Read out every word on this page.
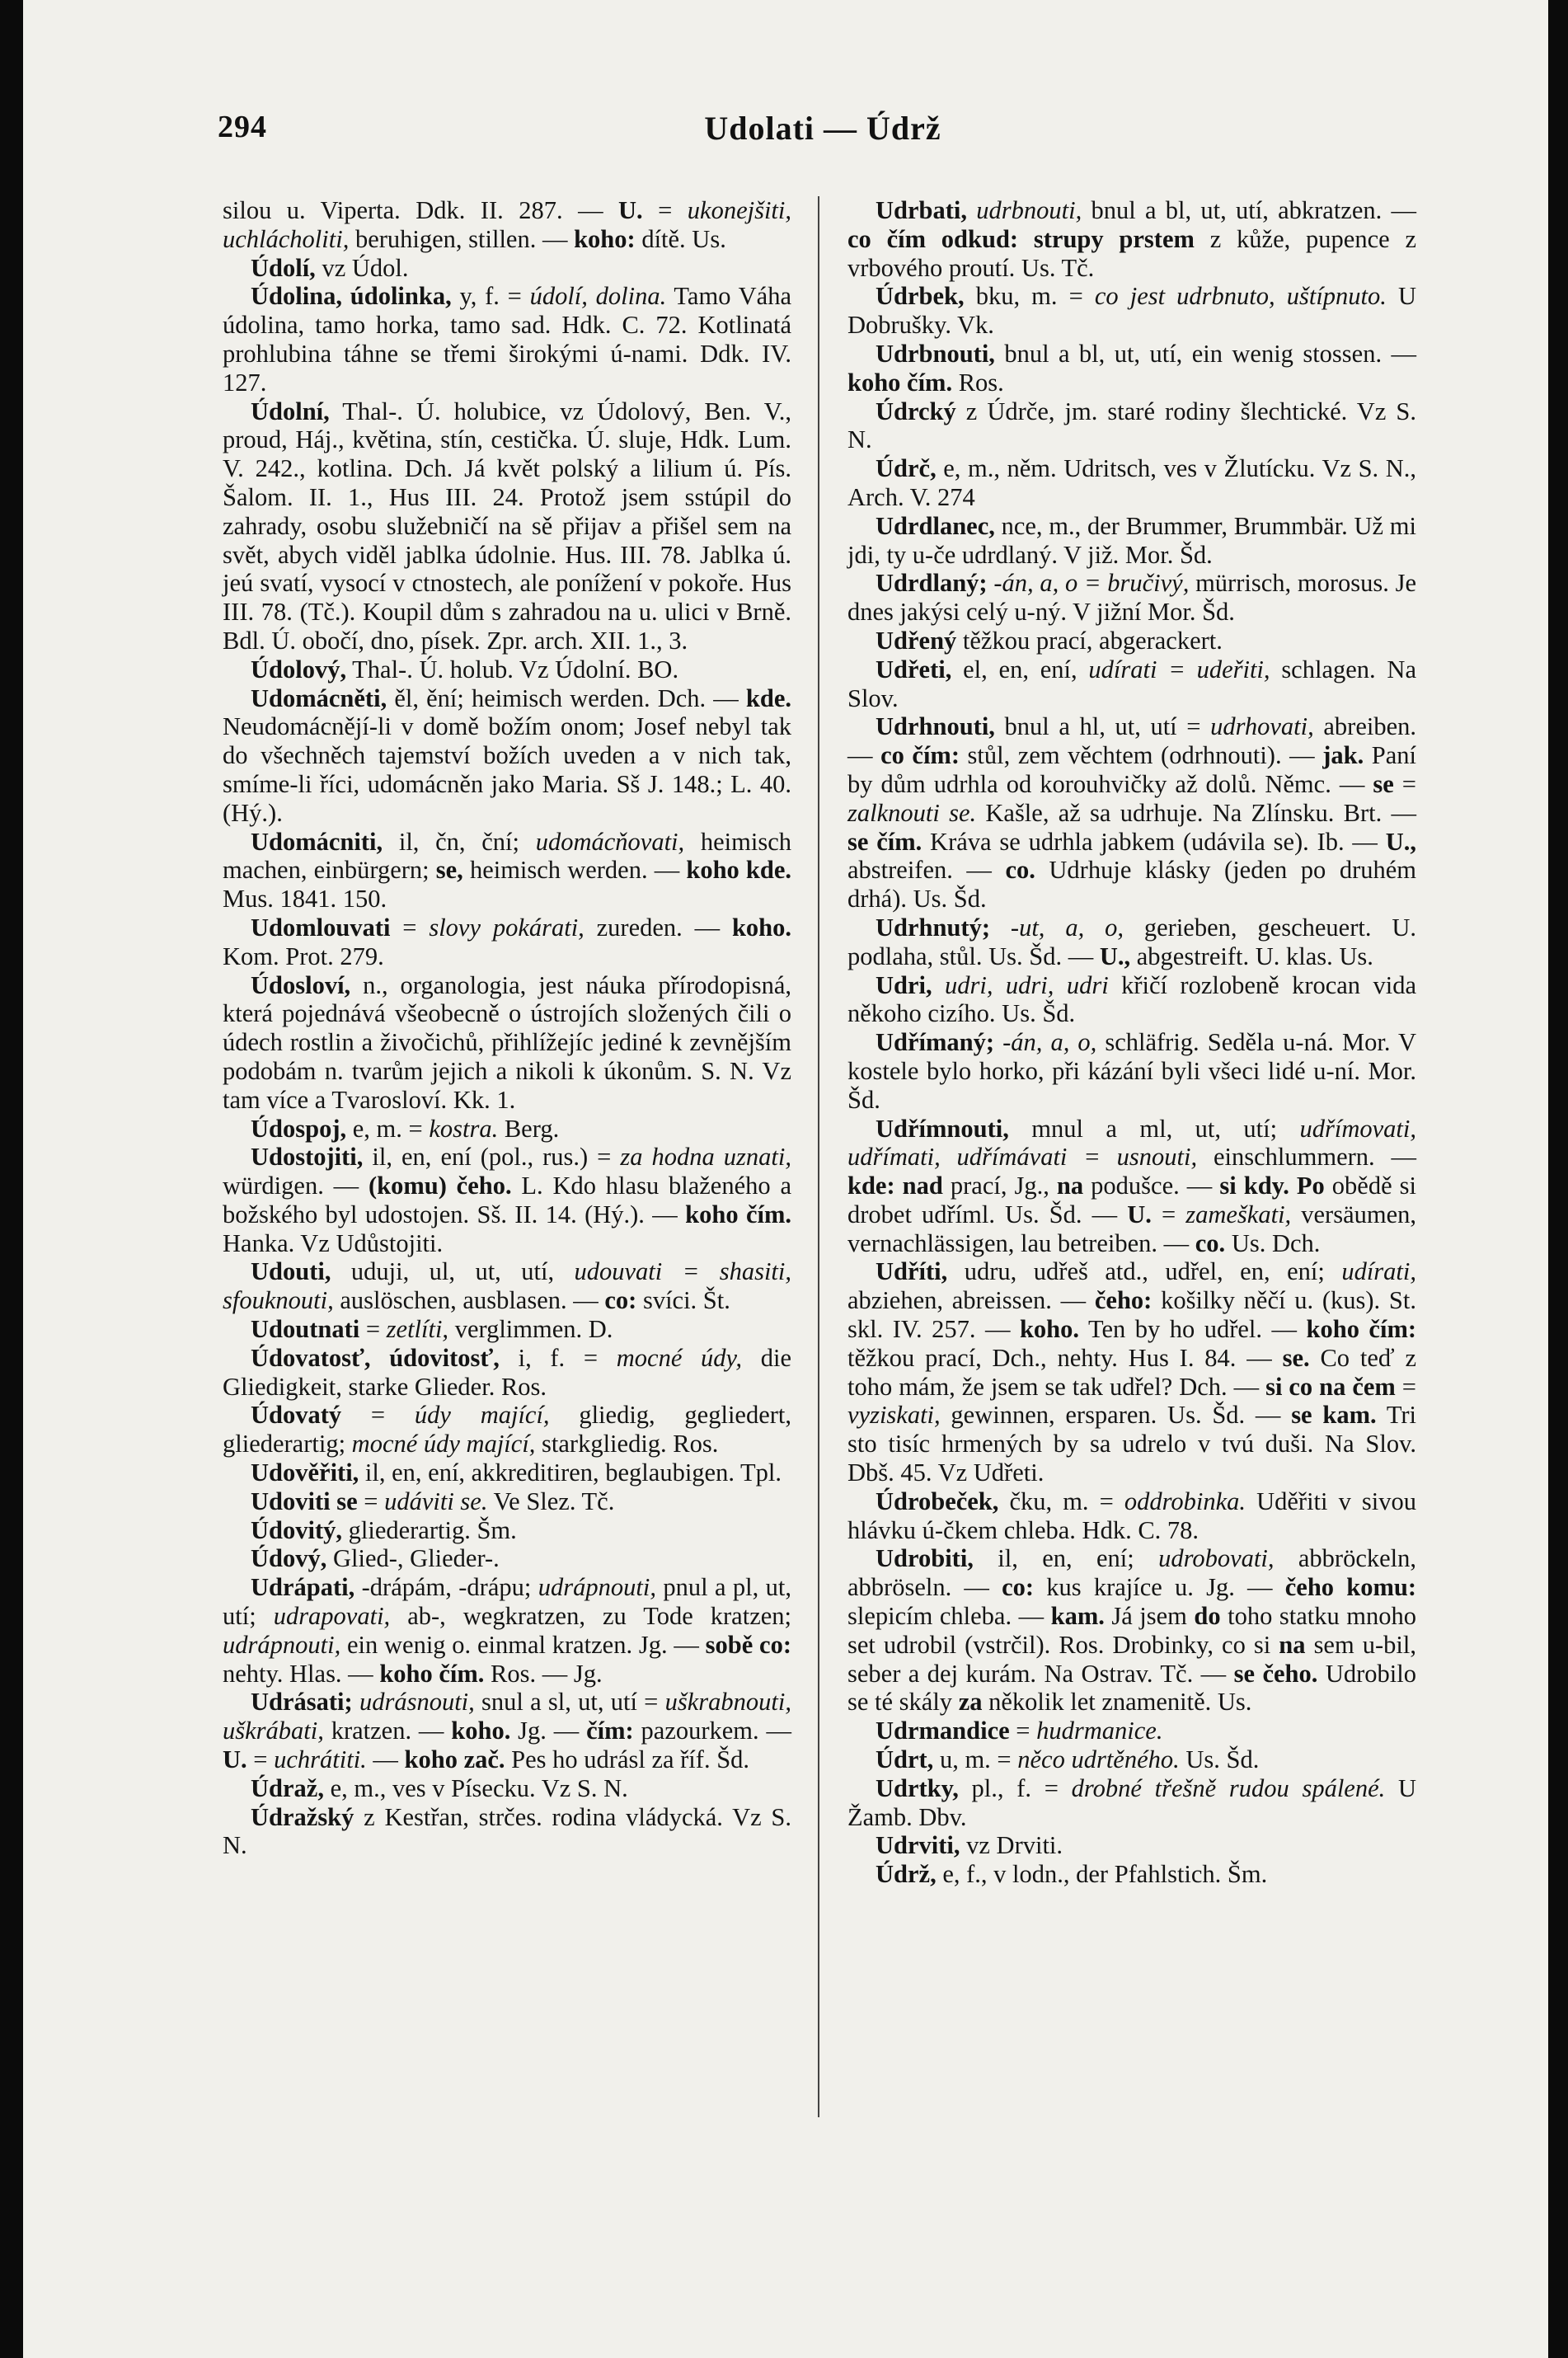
294	Udolati — Údrž

silou u. Viperta. Ddk. II. 287. — U. = ukonejšiti, uchlácholiti, beruhigen, stillen. — koho: dítě. Us.

Údolí, vz Údol.

Údolina, údolinka, y, f. = údolí, dolina. Tamo Váha údolina, tamo horka, tamo sad. Hdk. C. 72. Kotlinatá prohlubina táhne se třemi širokými ú-nami. Ddk. IV. 127.

Údolní, Thal-. Ú. holubice, vz Údolový, Ben. V., proud, Háj., květina, stín, cestička. Ú. sluje, Hdk. Lum. V. 242., kotlina. Dch. Já květ polský a lilium ú. Pís. Šalom. II. 1., Hus III. 24. Protož jsem sstúpil do zahrady, osobu služebničí na sě přijav a přišel sem na svět, abych viděl jablka údolnie. Hus. III. 78. Jablka ú. jeú svatí, vysocí v ctnostech, ale ponížení v pokoře. Hus III. 78. (Tč.). Koupil dům s zahradou na u. ulici v Brně. Bdl. Ú. obočí, dno, písek. Zpr. arch. XII. 1., 3.

Údolový, Thal-. Ú. holub. Vz Údolní. BO.

Udomácněti, ěl, ění; heimisch werden. Dch. — kde. Neudomácnějí-li v domě božím onom; Josef nebyl tak do všechněch tajemství božích uveden a v nich tak, smíme-li říci, udomácněn jako Maria. Sš J. 148.; L. 40. (Hý.).

Udomácniti, il, čn, ční; udomácňovati, heimisch machen, einbürgern; se, heimisch werden. — koho kde. Mus. 1841. 150.

Udomlouvati = slovy pokárati, zureden. — koho. Kom. Prot. 279.

Údosloví, n., organologia, jest náuka přírodopisná, která pojednává všeobecně o ústrojích složených čili o údech rostlin a živočichů, přihlížejíc jediné k zevnějším podobám n. tvarům jejich a nikoli k úkonům. S. N. Vz tam více a Tvarosloví. Kk. 1.

Údospoj, e, m. = kostra. Berg.

Udostojiti, il, en, ení (pol., rus.) = za hodna uznati, würdigen. — (komu) čeho. L. Kdo hlasu blaženého a božského byl udostojen. Sš. II. 14. (Hý.). — koho čím. Hanka. Vz Udůstojiti.

Udouti, uduji, ul, ut, utí, udouvati = shasiti, sfouknouti, auslöschen, ausblasen. — co: svíci. Št.

Udoutnati = zetlíti, verglimmen. D.

Údovatosť, údovitosť, i, f. = mocné údy, die Gliedigkeit, starke Glieder. Ros.

Údovatý = údy mající, gliedig, gegliedert, gliederartig; mocné údy mající, starkgliedig. Ros.

Udověřiti, il, en, ení, akkreditiren, beglaubigen. Tpl.

Udoviti se = udáviti se. Ve Slez. Tč.

Údovitý, gliederartig. Šm.

Údový, Glied-, Glieder-.

Udrápati, -drápám, -drápu; udrápnouti, pnul a pl, ut, utí; udrapovati, ab-, wegkratzen, zu Tode kratzen; udrápnouti, ein wenig o. einmal kratzen. Jg. — sobě co: nehty. Hlas. — koho čím. Ros. — Jg.

Udrásati; udrásnouti, snul a sl, ut, utí = uškrabnouti, uškrábati, kratzen. — koho. Jg. — čím: pazourkem. — U. = uchrátiti. — koho zač. Pes ho udrásl za říf. Šd.

Údraž, e, m., ves v Písecku. Vz S. N.

Údražský z Kestřan, strčes. rodina vládycká. Vz S. N.

Udrbati, udrbnouti, bnul a bl, ut, utí, abkratzen. — co čím odkud: strupy prstem z kůže, pupence z vrbového proutí. Us. Tč.

Údrbek, bku, m. = co jest udrbnuto, uštípnuto. U Dobrušky. Vk.

Udrbnouti, bnul a bl, ut, utí, ein wenig stossen. — koho čím. Ros.

Údrcký z Údrče, jm. staré rodiny šlechtické. Vz S. N.

Údrč, e, m., něm. Udritsch, ves v Žlutícku. Vz S. N., Arch. V. 274

Udrdlanec, nce, m., der Brummer, Brummbär. Už mi jdi, ty u-če udrdlaný. V již. Mor. Šd.

Udrdlaný; -án, a, o = bručivý, mürrisch, morosus. Je dnes jakýsi celý u-ný. V jižní Mor. Šd.

Udřený těžkou prací, abgerackert.

Udřeti, el, en, ení, udírati = udeřiti, schlagen. Na Slov.

Udrhnouti, bnul a hl, ut, utí = udrhovati, abreiben. — co čím: stůl, zem věchtem (odrhnouti). — jak. Paní by dům udrhla od korouhvičky až dolů. Němc. — se = zalknouti se. Kašle, až sa udrhuje. Na Zlínsku. Brt. — se čím. Kráva se udrhla jabkem (udávila se). Ib. — U., abstreifen. — co. Udrhuje klásky (jeden po druhém drhá). Us. Šd.

Udrhnutý; -ut, a, o, gerieben, gescheuert. U. podlaha, stůl. Us. Šd. — U., abgestreift. U. klas. Us.

Udri, udri, udri, udri křičí rozlobeně krocan vida někoho cizího. Us. Šd.

Udřímaný; -án, a, o, schläfrig. Seděla u-ná. Mor. V kostele bylo horko, při kázání byli všeci lidé u-ní. Mor. Šd.

Udřímnouti, mnul a ml, ut, utí; udřímovati, udřímati, udřímávati = usnouti, einschlummern. — kde: nad prací, Jg., na podušce. — si kdy. Po obědě si drobet udříml. Us. Šd. — U. = zameškati, versäumen, vernachlässigen, lau betreiben. — co. Us. Dch.

Udříti, udru, udřeš atd., udřel, en, ení; udírati, abziehen, abreissen. — čeho: košilky něčí u. (kus). St. skl. IV. 257. — koho. Ten by ho udřel. — koho čím: těžkou prací, Dch., nehty. Hus I. 84. — se. Co teď z toho mám, že jsem se tak udřel? Dch. — si co na čem = vyziskati, gewinnen, ersparen. Us. Šd. — se kam. Tri sto tisíc hrmených by sa udrelo v tvú duši. Na Slov. Dbš. 45. Vz Udřeti.

Údrobeček, čku, m. = oddrobinka. Uděřiti v sivou hlávku ú-čkem chleba. Hdk. C. 78.

Udrobiti, il, en, ení; udrobovati, abbröckeln, abbröseln. — co: kus krajíce u. Jg. — čeho komu: slepicím chleba. — kam. Já jsem do toho statku mnoho set udrobil (vstrčil). Ros. Drobinky, co si na sem u-bil, seber a dej kurám. Na Ostrav. Tč. — se čeho. Udrobilo se té skály za několik let znamenitě. Us.

Udrmandice = hudrmanice.

Údrt, u, m. = něco udrtěného. Us. Šd.

Udrtky, pl., f. = drobné třešně rudou spálené. U Žamb. Dbv.

Udrviti, vz Drviti.

Údrž, e, f., v lodn., der Pfahlstich. Šm.
